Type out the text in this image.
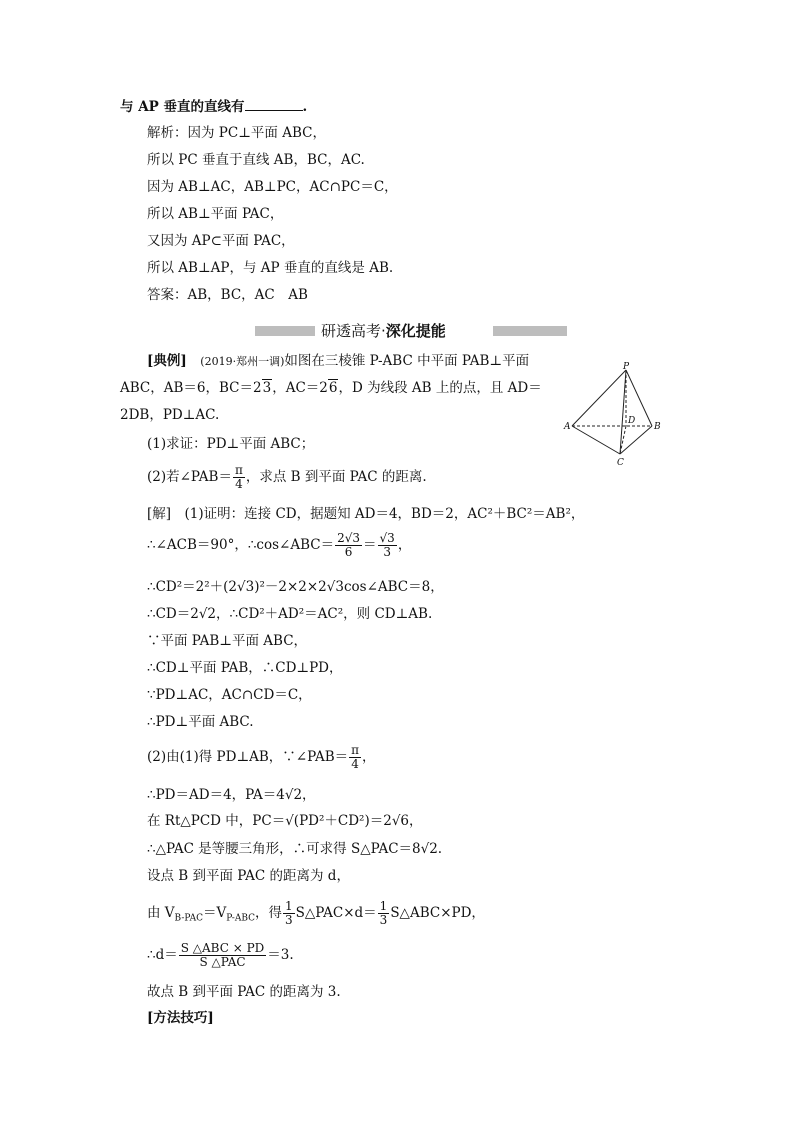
与 AP 垂直的直线有	.
解析：因为 PC⊥平面 ABC，
所以 PC 垂直于直线 AB，BC，AC.
因为 AB⊥AC，AB⊥PC，AC∩PC＝C，
所以 AB⊥平面 PAC，
又因为 AP⊂平面 PAC，
所以 AB⊥AP，与 AP 垂直的直线是 AB.
答案：AB，BC，AC　AB
研透高考·深化提能
[典例]　 (2019·郑州一调)如图在三棱锥 P-ABC 中平面 PAB⊥平面
ABC，AB＝6，BC＝23，AC＝26，D 为线段 AB 上的点，且 AD＝
2DB，PD⊥AC.
(1)求证：PD⊥平面 ABC；
(2)若∠PAB＝ $\frac{\pi}{4}$ ，求点 B 到平面 PAC 的距离.
P
A	B
C
D
[解]　(1)证明：连接 CD，据题知 AD＝4，BD＝2，AC²＋BC²＝AB²，
∴∠ACB＝90°，∴cos∠ABC＝ $\frac{2√3}{6} = \frac{√3}{3}$ ，
∴CD²＝2²＋(2√3)²－2×2×2√3cos∠ABC＝8，
∴CD＝2√2，∴CD²＋AD²＝AC²，则 CD⊥AB.
∵平面 PAB⊥平面 ABC，
∴CD⊥平面 PAB，∴CD⊥PD，
∵PD⊥AC，AC∩CD＝C，
∴PD⊥平面 ABC.
(2)由(1)得 PD⊥AB，∵∠PAB＝ $\frac{\pi}{4}$ ，
∴PD＝AD＝4，PA＝4√2，
在 Rt△PCD 中，PC＝√(PD²＋CD²)＝2√6，
∴△PAC 是等腰三角形，∴可求得 S△PAC＝8√2.
设点 B 到平面 PAC 的距离为 d，
由 $V_{B-PAC}=V_{P-ABC}$，得 $\frac{1}{3}$ S△PAC×d＝ $\frac{1}{3}$ S△ABC×PD，
∴d＝ $\frac{\text{S △ABC × PD}}{\text{S △PAC}} =3$.
故点 B 到平面 PAC 的距离为 3.
[方法技巧]
